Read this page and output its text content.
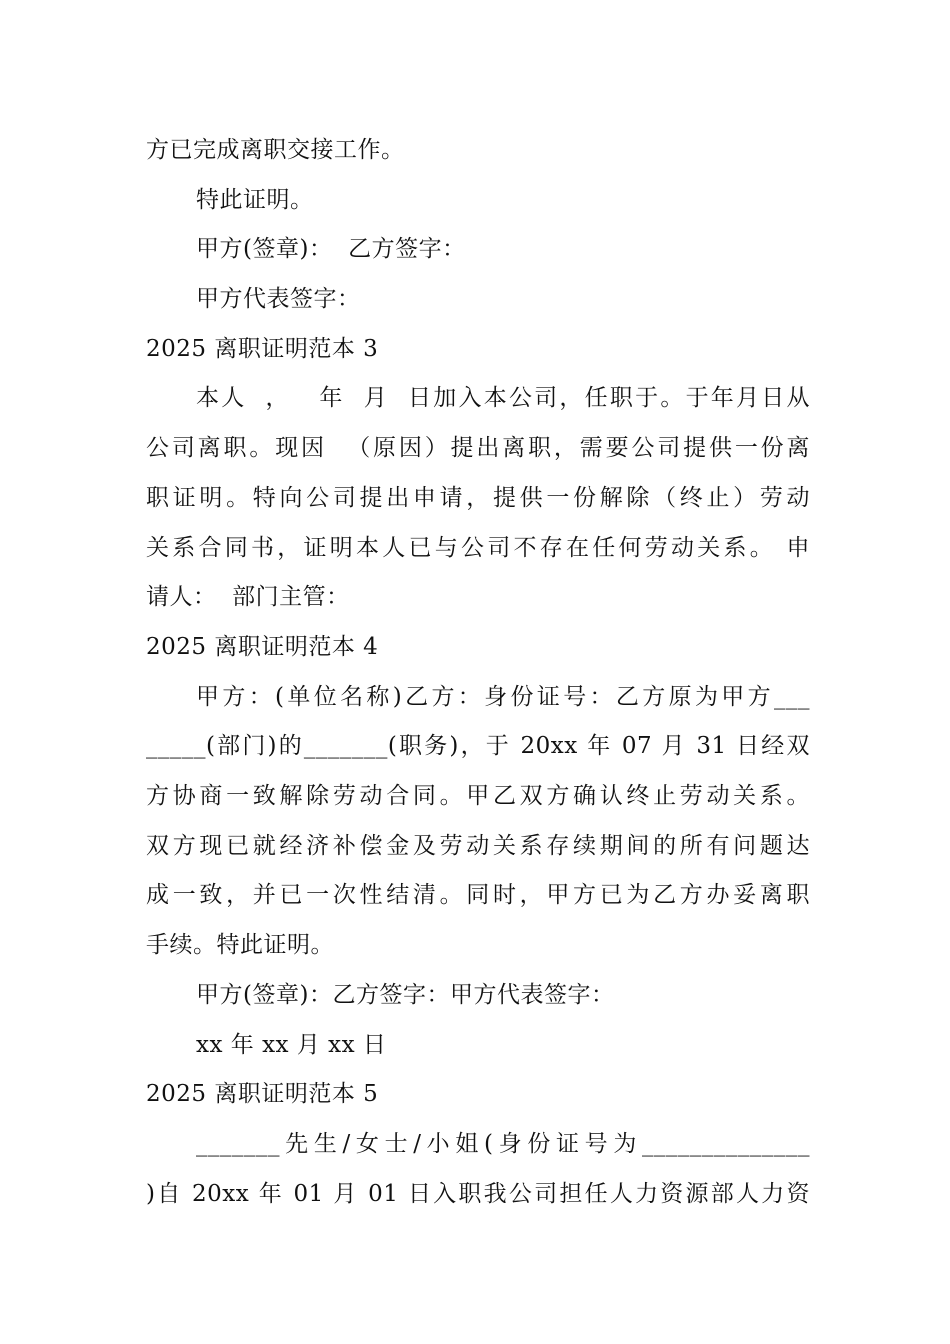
方已完成离职交接工作。
特此证明。
甲方(签章)：  乙方签字：
甲方代表签字：
2025 离职证明范本 3
本人  ，   年  月  日加入本公司，任职于。于年月日从
公司离职。现因  （原因）提出离职，需要公司提供一份离
职证明。特向公司提出申请，提供一份解除（终止）劳动
关系合同书，证明本人已与公司不存在任何劳动关系。 申
请人：  部门主管：
2025 离职证明范本 4
甲方：(单位名称)乙方：身份证号：乙方原为甲方___
_____(部门)的_______(职务)，于 20xx 年 07 月 31 日经双
方协商一致解除劳动合同。甲乙双方确认终止劳动关系。
双方现已就经济补偿金及劳动关系存续期间的所有问题达
成一致，并已一次性结清。同时，甲方已为乙方办妥离职
手续。特此证明。
甲方(签章)：乙方签字：甲方代表签字：
xx 年 xx 月 xx 日
2025 离职证明范本 5
_______先生/女士/小姐(身份证号为______________
)自 20xx 年 01 月 01 日入职我公司担任人力资源部人力资
